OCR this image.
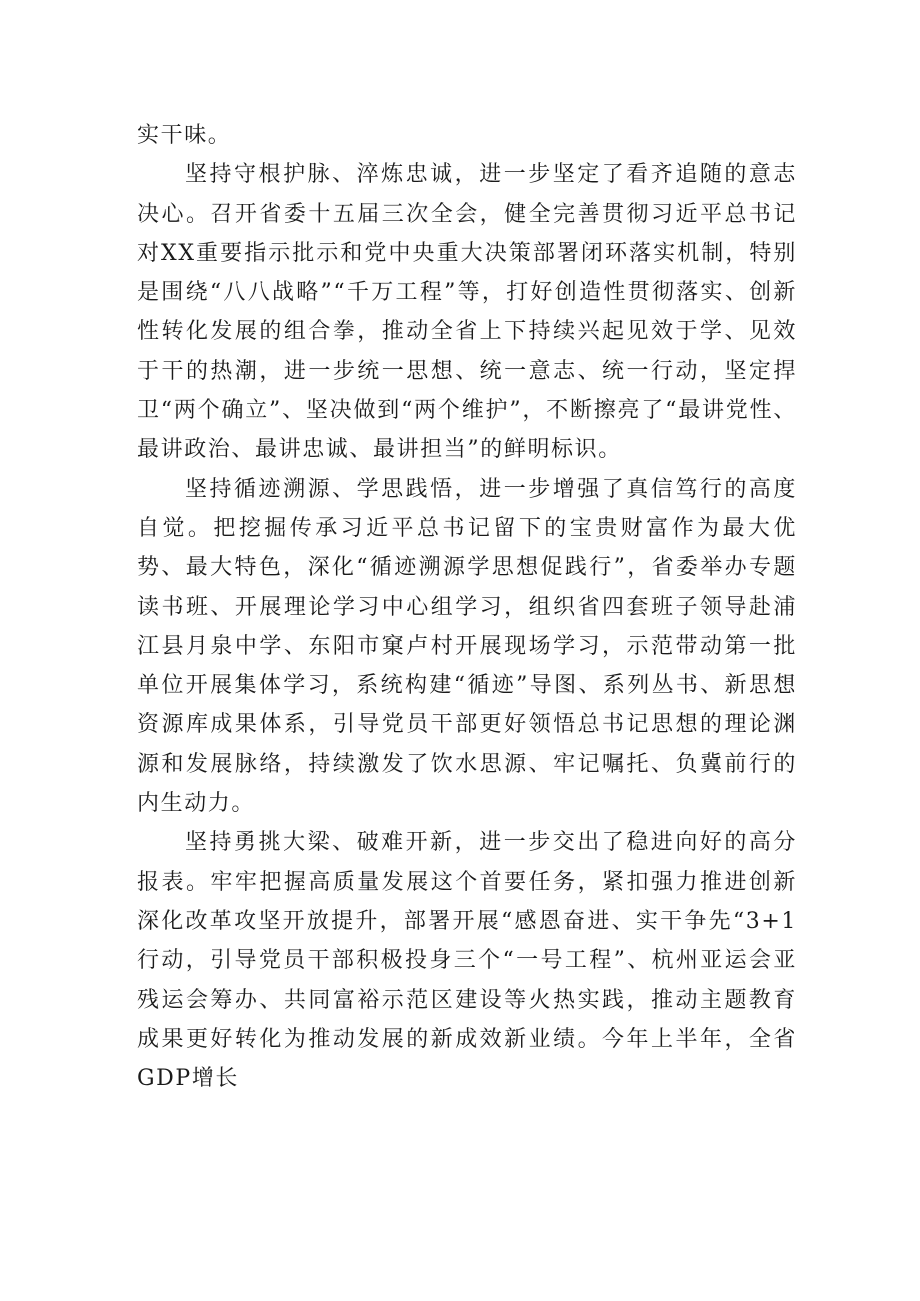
实干味。

坚持守根护脉、淬炼忠诚，进一步坚定了看齐追随的意志决心。召开省委十五届三次全会，健全完善贯彻习近平总书记对XX重要指示批示和党中央重大决策部署闭环落实机制，特别是围绕“八八战略”“千万工程”等，打好创造性贯彻落实、创新性转化发展的组合拳，推动全省上下持续兴起见效于学、见效于干的热潮，进一步统一思想、统一意志、统一行动，坚定捍卫“两个确立”、坚决做到“两个维护”，不断擦亮了“最讲党性、最讲政治、最讲忠诚、最讲担当”的鲜明标识。

坚持循迹溯源、学思践悟，进一步增强了真信笃行的高度自觉。把挖掘传承习近平总书记留下的宝贵财富作为最大优势、最大特色，深化“循迹溯源学思想促践行”，省委举办专题读书班、开展理论学习中心组学习，组织省四套班子领导赴浦江县月泉中学、东阳市窠卢村开展现场学习，示范带动第一批单位开展集体学习，系统构建“循迹”导图、系列丛书、新思想资源库成果体系，引导党员干部更好领悟总书记思想的理论渊源和发展脉络，持续激发了饮水思源、牢记嘱托、负冀前行的内生动力。

坚持勇挑大梁、破难开新，进一步交出了稳进向好的高分报表。牢牢把握高质量发展这个首要任务，紧扣强力推进创新深化改革攻坚开放提升，部署开展“感恩奋进、实干争先“3+1行动，引导党员干部积极投身三个“一号工程”、杭州亚运会亚残运会筹办、共同富裕示范区建设等火热实践，推动主题教育成果更好转化为推动发展的新成效新业绩。今年上半年，全省GDP增长
